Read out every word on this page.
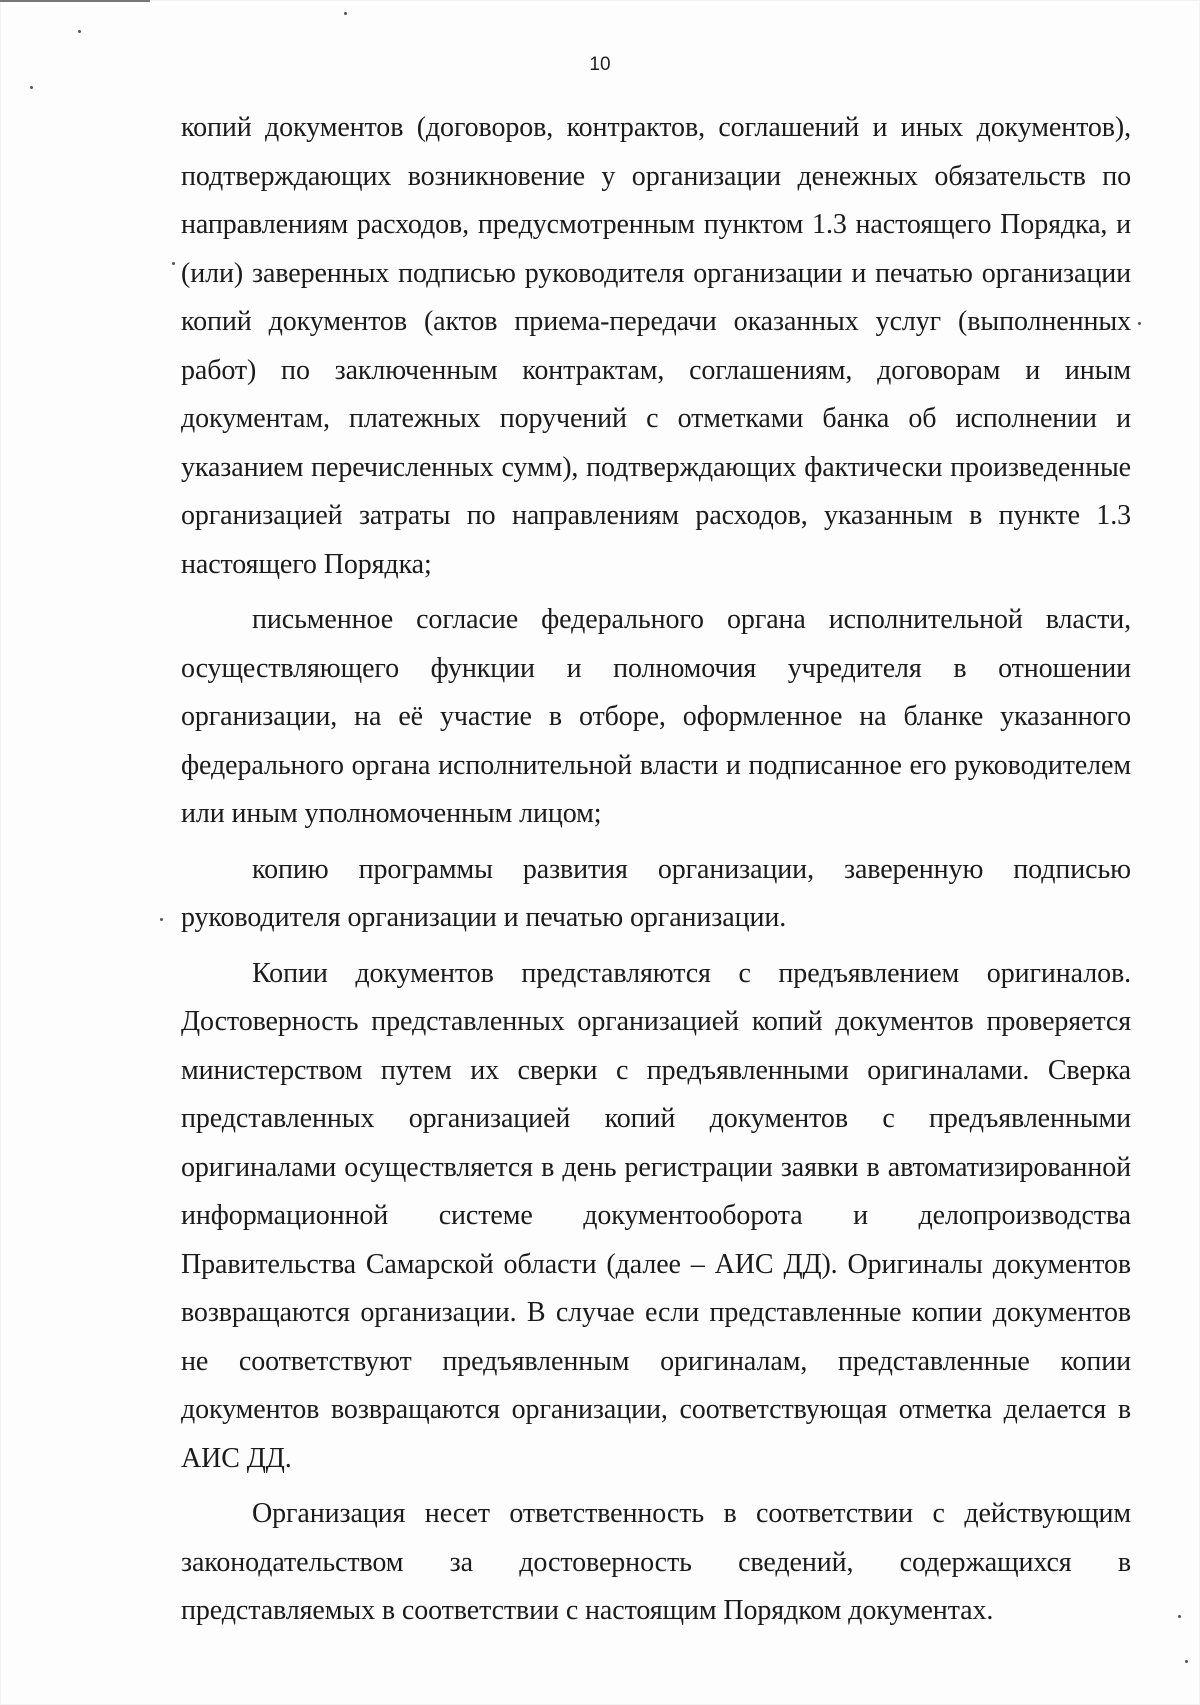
10

копий документов (договоров, контрактов, соглашений и иных документов), подтверждающих возникновение у организации денежных обязательств по направлениям расходов, предусмотренным пунктом 1.3 настоящего Порядка, и (или) заверенных подписью руководителя организации и печатью организации копий документов (актов приема-передачи оказанных услуг (выполненных работ) по заключенным контрактам, соглашениям, договорам и иным документам, платежных поручений с отметками банка об исполнении и указанием перечисленных сумм), подтверждающих фактически произведенные организацией затраты по направлениям расходов, указанным в пункте 1.3 настоящего Порядка;

письменное согласие федерального органа исполнительной власти, осуществляющего функции и полномочия учредителя в отношении организации, на её участие в отборе, оформленное на бланке указанного федерального органа исполнительной власти и подписанное его руководителем или иным уполномоченным лицом;

копию программы развития организации, заверенную подписью руководителя организации и печатью организации.

Копии документов представляются с предъявлением оригиналов. Достоверность представленных организацией копий документов проверяется министерством путем их сверки с предъявленными оригиналами. Сверка представленных организацией копий документов с предъявленными оригиналами осуществляется в день регистрации заявки в автоматизированной информационной системе документооборота и делопроизводства Правительства Самарской области (далее – АИС ДД). Оригиналы документов возвращаются организации. В случае если представленные копии документов не соответствуют предъявленным оригиналам, представленные копии документов возвращаются организации, соответствующая отметка делается в АИС ДД.

Организация несет ответственность в соответствии с действующим законодательством за достоверность сведений, содержащихся в представляемых в соответствии с настоящим Порядком документах.
